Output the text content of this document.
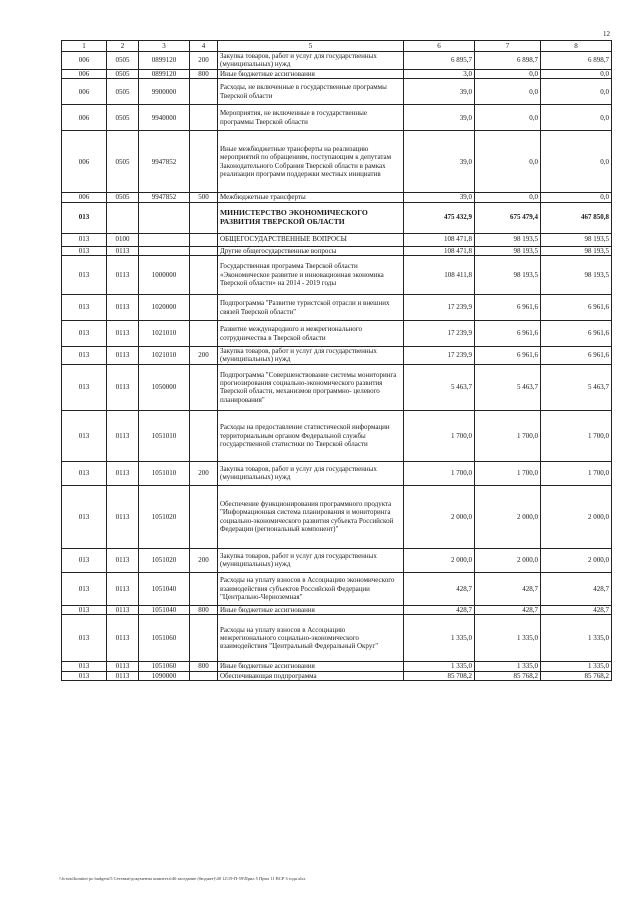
12
1	2	3	4	5	6	7	8
006	0505	0899120	200	Закупка товаров, работ и услуг для государственных (муниципальных) нужд	6 895,7	6 898,7	6 898,7
006	0505	0899120	800	Иные бюджетные ассигнования	3,0	0,0	0,0
006	0505	9900000		Расходы, не включенные в государственные программы Тверской области	39,0	0,0	0,0
006	0505	9940000		Мероприятия, не включенные в государственные программы Тверской области	39,0	0,0	0,0
006	0505	9947852		Иные межбюджетные трансферты на реализацию мероприятий по обращениям, поступающим к депутатам Законодательного Собрания Тверской области в рамках реализации программ поддержки местных инициатив	39,0	0,0	0,0
006	0505	9947852	500	Межбюджетные трансферты	39,0	0,0	0,0
013				МИНИСТЕРСТВО ЭКОНОМИЧЕСКОГО РАЗВИТИЯ ТВЕРСКОЙ ОБЛАСТИ	475 432,9	675 479,4	467 850,8
013	0100			ОБЩЕГОСУДАРСТВЕННЫЕ ВОПРОСЫ	108 471,8	98 193,5	98 193,5
013	0113			Другие общегосударственные вопросы	108 471,8	98 193,5	98 193,5
013	0113	1000000		Государственная программа Тверской области «Экономическое развитие и инновационная экономика Тверской области» на 2014 - 2019 годы	108 411,8	98 193,5	98 193,5
013	0113	1020000		Подпрограмма "Развитие туристской отрасли и внешних связей Тверской области"	17 239,9	6 961,6	6 961,6
013	0113	1021010		Развитие международного и межрегионального сотрудничества в Тверской области	17 239,9	6 961,6	6 961,6
013	0113	1021010	200	Закупка товаров, работ и услуг для государственных (муниципальных) нужд	17 239,9	6 961,6	6 961,6
013	0113	1050000		Подпрограмма "Совершенствование системы мониторинга прогнозирования социально-экономического развития Тверской области, механизмов программно- целевого планирования"	5 463,7	5 463,7	5 463,7
013	0113	1051010		Расходы на предоставление статистической информации территориальным органом Федеральной службы государственной статистики по Тверской области	1 700,0	1 700,0	1 700,0
013	0113	1051010	200	Закупка товаров, работ и услуг для государственных (муниципальных) нужд	1 700,0	1 700,0	1 700,0
013	0113	1051020		Обеспечение функционирования программного продукта "Информационная система планирования и мониторинга социально-экономического развития субъекта Российской Федерации (региональный компонент)"	2 000,0	2 000,0	2 000,0
013	0113	1051020	200	Закупка товаров, работ и услуг для государственных (муниципальных) нужд	2 000,0	2 000,0	2 000,0
013	0113	1051040		Расходы на уплату взносов в Ассоциацию экономического взаимодействия субъектов Российской Федерации "Центрально-Черноземная"	428,7	428,7	428,7
013	0113	1051040	800	Иные бюджетные ассигнования	428,7	428,7	428,7
013	0113	1051060		Расходы на уплату взносов в Ассоциацию межрегионального социально-экономического взаимодействия "Центральный Федеральный Округ"	1 335,0	1 335,0	1 335,0
013	0113	1051060	800	Иные бюджетные ассигнования	1 335,0	1 335,0	1 335,0
013	0113	1090000		Обеспечивающая подпрограмма	85 708,2	85 768,2	85 768,2
\\fs-ntst\komitet po budgetu\5 Сетевые\документы комитета\46 заседание (бюджет)\40 12\19-П-59\Прил 5 Прил 11 ВСР 3 года.xlsx
